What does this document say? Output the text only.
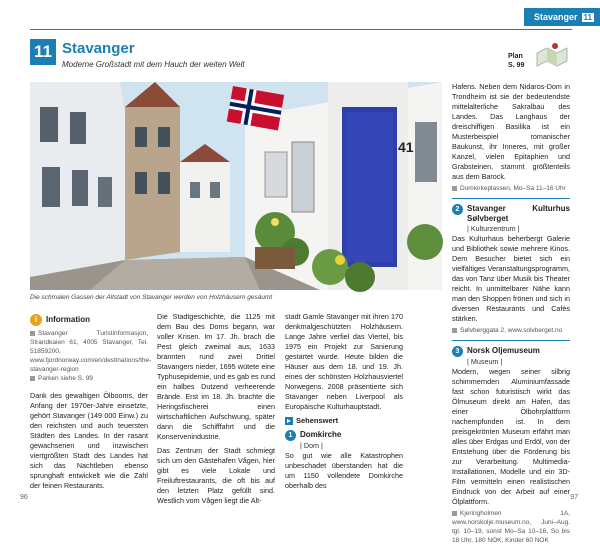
Stavanger 11
11 Stavanger
Moderne Großstadt mit dem Hauch der weiten Welt
Plan
S. 99
41
Die schmalen Gassen der Altstadt von Stavanger werden von Holzhäusern gesäumt
i	Information
Stavanger Turistinformasjon, Strandkaien 61, 4005 Stavanger, Tel. 51859200, www.fjordnorway.com/en/destinations/the-stavanger-region
Parken siehe S. 99

Dank des gewaltigen Ölbooms, der Anfang der 1970er-Jahre einsetzte, gehört Stavanger (149 000 Einw.) zu den reichsten und auch teuersten Städten des Landes. In der rasant gewachsenen und inzwischen viertgrößten Stadt des Landes hat sich das Nachtleben ebenso sprunghaft entwickelt wie die Zahl der feinen Restaurants.

Die Stadtgeschichte, die 1125 mit dem Bau des Doms begann, war voller Krisen. Im 17. Jh. brach die Pest gleich zweimal aus, 1633 brannten rund zwei Drittel Stavangers nieder, 1695 wütete eine Typhusepidemie, und es gab es rund ein halbes Dutzend verheerende Brände. Erst im 18. Jh. brachte die Heringsfischerei einen wirtschaftlichen Aufschwung, später dann die Schifffahrt und die Konservenindustrie.

Das Zentrum der Stadt schmiegt sich um den Gästehafen Vågen, hier gibt es viele Lokale und Freiluftrestaurants, die oft bis auf den letzten Platz gefüllt sind. Westlich vom Vågen liegt die Alt-

stadt Gamle Stavanger mit ihren 170 denkmalgeschützten Holzhäusern. Lange Jahre verfiel das Viertel, bis 1975 ein Projekt zur Sanierung gestartet wurde. Heute bilden die Häuser aus dem 18. und 19. Jh. eines der schönsten Holzhausviertel Norwegens. 2008 präsentierte sich Stavanger neben Liverpool als Europäische Kulturhauptstadt.

Sehenswert
1 Domkirche
| Dom |

So gut wie alle Katastrophen unbeschadet überstanden hat die um 1150 vollendete Domkirche oberhalb des

Hafens. Neben dem Nidaros-Dom in Trondheim ist sie der bedeutendste mittelalterliche Sakralbau des Landes. Das Langhaus der dreischiffigen Basilika ist ein Musterbeispiel romanischer Baukunst, ihr Inneres, mit großer Kanzel, vielen Epitaphien und Grabsteinen, stammt größtenteils aus dem Barock.

Domkirkeplassen, Mo–Sa 11–16 Uhr
2 Stavanger Kulturhus Sølvberget
| Kulturzentrum |

Das Kulturhaus beherbergt Galerie und Bibliothek sowie mehrere Kinos. Dem Besucher bietet sich ein vielfältiges Veranstaltungsprogramm, das von Tanz über Musik bis Theater reicht. In unmittelbarer Nähe kann man den Shoppen frönen und sich in diversen Restaurants und Cafés stärken.

Sølvberggata 2, www.solvberget.no
3 Norsk Oljemuseum
| Museum |

Modern, wegen seiner silbrig schimmernden Aluminiumfassade fast schon futuristisch wirkt das Ölmuseum direkt am Hafen, das einer Ölbohrplattform nachempfunden ist. In dem preisgekrönten Museum erfährt man alles über Erdgas und Erdöl, von der Entstehung über die Förderung bis zur Verarbeitung. Multimedia-Installationen, Modelle und ein 3D-Film vermitteln einen realistischen Eindruck von der Arbeit auf einer Ölplattform.

Kjeringholmen 1A, www.norskolje.museum.no, Juni–Aug. tgl. 10–19, sonst Mo–Sa 10–16, So bis 18 Uhr, 180 NOK, Kinder 60 NOK
96	97
